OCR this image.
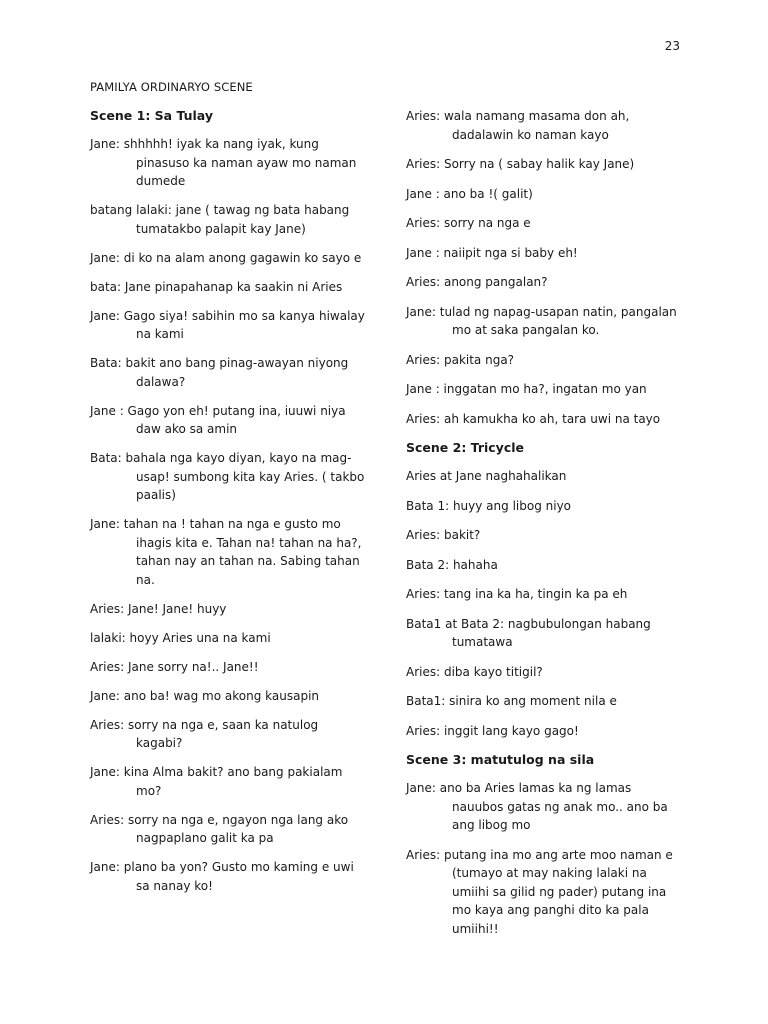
23
PAMILYA ORDINARYO SCENE
Scene 1: Sa Tulay
Jane: shhhhh! iyak ka nang iyak, kung pinasuso ka naman ayaw mo naman dumede
batang lalaki: jane ( tawag ng bata habang tumatakbo palapit kay Jane)
Jane: di ko na alam anong gagawin ko sayo e
bata: Jane pinapahanap ka saakin ni Aries
Jane: Gago siya! sabihin mo sa kanya hiwalay na kami
Bata: bakit ano bang pinag-awayan niyong dalawa?
Jane : Gago yon eh! putang ina, iuuwi niya daw ako sa amin
Bata: bahala nga kayo diyan, kayo na mag-usap! sumbong kita kay Aries. ( takbo paalis)
Jane: tahan na ! tahan na nga e gusto mo ihagis kita e. Tahan na! tahan na ha?, tahan nay an tahan na. Sabing tahan na.
Aries: Jane! Jane! huyy
lalaki: hoyy Aries una na kami
Aries: Jane sorry na!.. Jane!!
Jane: ano ba! wag mo akong kausapin
Aries: sorry na nga e, saan ka natulog kagabi?
Jane: kina Alma bakit? ano bang pakialam mo?
Aries: sorry na nga e, ngayon nga lang ako nagpaplano galit ka pa
Jane: plano ba yon? Gusto mo kaming e uwi sa nanay ko!
Aries: wala namang masama don ah, dadalawin ko naman kayo
Aries: Sorry na ( sabay halik kay Jane)
Jane : ano ba !( galit)
Aries: sorry na nga e
Jane : naiipit nga si baby eh!
Aries: anong pangalan?
Jane: tulad ng napag-usapan natin, pangalan mo at saka pangalan ko.
Aries: pakita nga?
Jane : inggatan mo ha?, ingatan mo yan
Aries: ah kamukha ko ah, tara uwi na tayo
Scene 2: Tricycle
Aries at Jane naghahalikan
Bata 1: huyy ang libog niyo
Aries: bakit?
Bata 2: hahaha
Aries: tang ina ka ha, tingin ka pa eh
Bata1 at Bata 2: nagbubulongan habang tumatawa
Aries: diba kayo titigil?
Bata1: sinira ko ang moment nila e
Aries: inggit lang kayo gago!
Scene 3: matutulog na sila
Jane: ano ba Aries lamas ka ng lamas nauubos gatas ng anak mo.. ano ba ang libog mo
Aries: putang ina mo ang arte moo naman e (tumayo at may naking lalaki na umiihi sa gilid ng pader) putang ina mo kaya ang panghi dito ka pala umiihi!!
